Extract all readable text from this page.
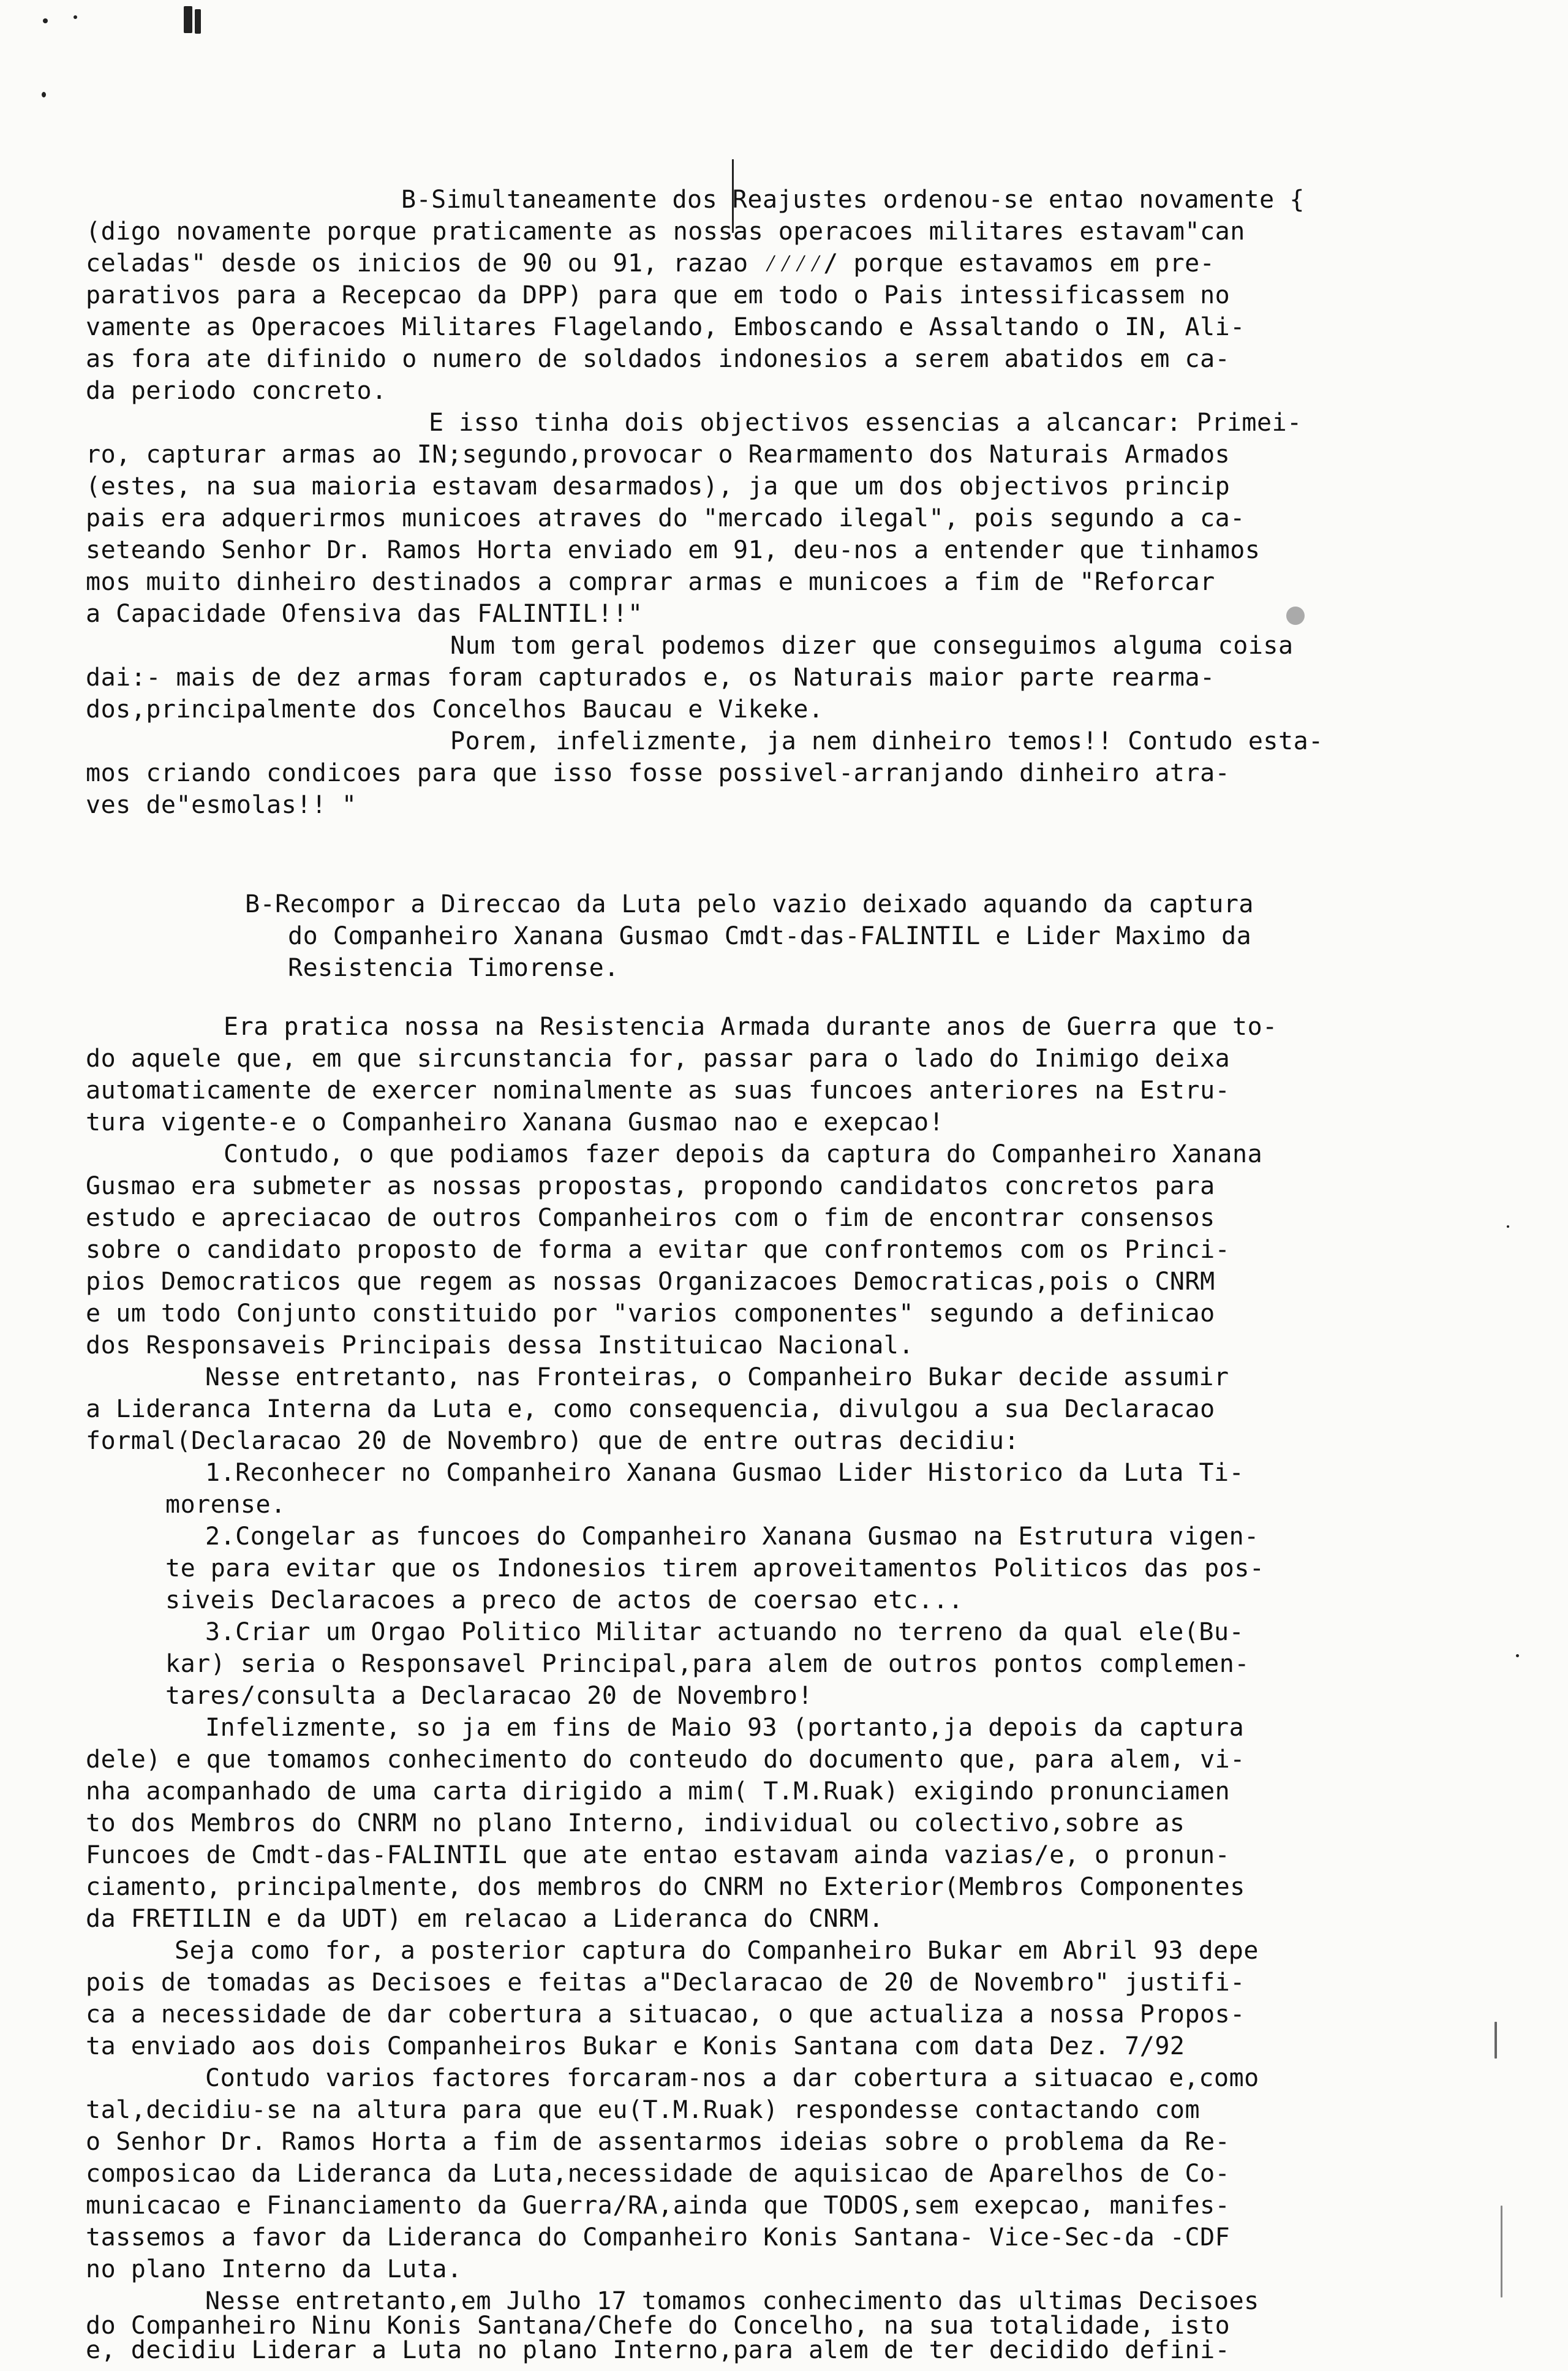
B-Simultaneamente dos Reajustes ordenou-se entao novamente {
(digo novamente porque praticamente as nossas operacoes militares estavam"can
celadas" desde os inicios de 90 ou 91, razao ⁄⁄⁄⁄/ porque estavamos em pre-
parativos para a Recepcao da DPP) para que em todo o Pais intessificassem no
vamente as Operacoes Militares Flagelando, Emboscando e Assaltando o IN, Ali-
as fora ate difinido o numero de soldados indonesios a serem abatidos em ca-
da periodo concreto.
E isso tinha dois objectivos essencias a alcancar: Primei-
ro, capturar armas ao IN;segundo,provocar o Rearmamento dos Naturais Armados
(estes, na sua maioria estavam desarmados), ja que um dos objectivos princip
pais era adquerirmos municoes atraves do "mercado ilegal", pois segundo a ca-
seteando Senhor Dr. Ramos Horta enviado em 91, deu-nos a entender que tinhamos
mos muito dinheiro destinados a comprar armas e municoes a fim de "Reforcar
a Capacidade Ofensiva das FALINTIL!!"
Num tom geral podemos dizer que conseguimos alguma coisa
dai:- mais de dez armas foram capturados e, os Naturais maior parte rearma-
dos,principalmente dos Concelhos Baucau e Vikeke.
Porem, infelizmente, ja nem dinheiro temos!! Contudo esta-
mos criando condicoes para que isso fosse possivel-arranjando dinheiro atra-
ves de"esmolas!! "
B-Recompor a Direccao da Luta pelo vazio deixado aquando da captura
do Companheiro Xanana Gusmao Cmdt-das-FALINTIL e Lider Maximo da
Resistencia Timorense.
Era pratica nossa na Resistencia Armada durante anos de Guerra que to-
do aquele que, em que sircunstancia for, passar para o lado do Inimigo deixa
automaticamente de exercer nominalmente as suas funcoes anteriores na Estru-
tura vigente-e o Companheiro Xanana Gusmao nao e exepcao!
Contudo, o que podiamos fazer depois da captura do Companheiro Xanana
Gusmao era submeter as nossas propostas, propondo candidatos concretos para
estudo e apreciacao de outros Companheiros com o fim de encontrar consensos
sobre o candidato proposto de forma a evitar que confrontemos com os Princi-
pios Democraticos que regem as nossas Organizacoes Democraticas,pois o CNRM
e um todo Conjunto constituido por "varios componentes" segundo a definicao
dos Responsaveis Principais dessa Instituicao Nacional.
Nesse entretanto, nas Fronteiras, o Companheiro Bukar decide assumir
a Lideranca Interna da Luta e, como consequencia, divulgou a sua Declaracao
formal(Declaracao 20 de Novembro) que de entre outras decidiu:
1.Reconhecer no Companheiro Xanana Gusmao Lider Historico da Luta Ti-
morense.
2.Congelar as funcoes do Companheiro Xanana Gusmao na Estrutura vigen-
te para evitar que os Indonesios tirem aproveitamentos Politicos das pos-
siveis Declaracoes a preco de actos de coersao etc...
3.Criar um Orgao Politico Militar actuando no terreno da qual ele(Bu-
kar) seria o Responsavel Principal,para alem de outros pontos complemen-
tares/consulta a Declaracao 20 de Novembro!
Infelizmente, so ja em fins de Maio 93 (portanto,ja depois da captura
dele) e que tomamos conhecimento do conteudo do documento que, para alem, vi-
nha acompanhado de uma carta dirigido a mim( T.M.Ruak) exigindo pronunciamen
to dos Membros do CNRM no plano Interno, individual ou colectivo,sobre as
Funcoes de Cmdt-das-FALINTIL que ate entao estavam ainda vazias/e, o pronun-
ciamento, principalmente, dos membros do CNRM no Exterior(Membros Componentes
da FRETILIN e da UDT) em relacao a Lideranca do CNRM.
Seja como for, a posterior captura do Companheiro Bukar em Abril 93 depe
pois de tomadas as Decisoes e feitas a"Declaracao de 20 de Novembro" justifi-
ca a necessidade de dar cobertura a situacao, o que actualiza a nossa Propos-
ta enviado aos dois Companheiros Bukar e Konis Santana com data Dez. 7/92
Contudo varios factores forcaram-nos a dar cobertura a situacao e,como
tal,decidiu-se na altura para que eu(T.M.Ruak) respondesse contactando com
o Senhor Dr. Ramos Horta a fim de assentarmos ideias sobre o problema da Re-
composicao da Lideranca da Luta,necessidade de aquisicao de Aparelhos de Co-
municacao e Financiamento da Guerra/RA,ainda que TODOS,sem exepcao, manifes-
tassemos a favor da Lideranca do Companheiro Konis Santana- Vice-Sec-da -CDF
no plano Interno da Luta.
Nesse entretanto,em Julho 17 tomamos conhecimento das ultimas Decisoes
do Companheiro Ninu Konis Santana/Chefe do Concelho, na sua totalidade, isto
e, decidiu Liderar a Luta no plano Interno,para alem de ter decidido defini-
